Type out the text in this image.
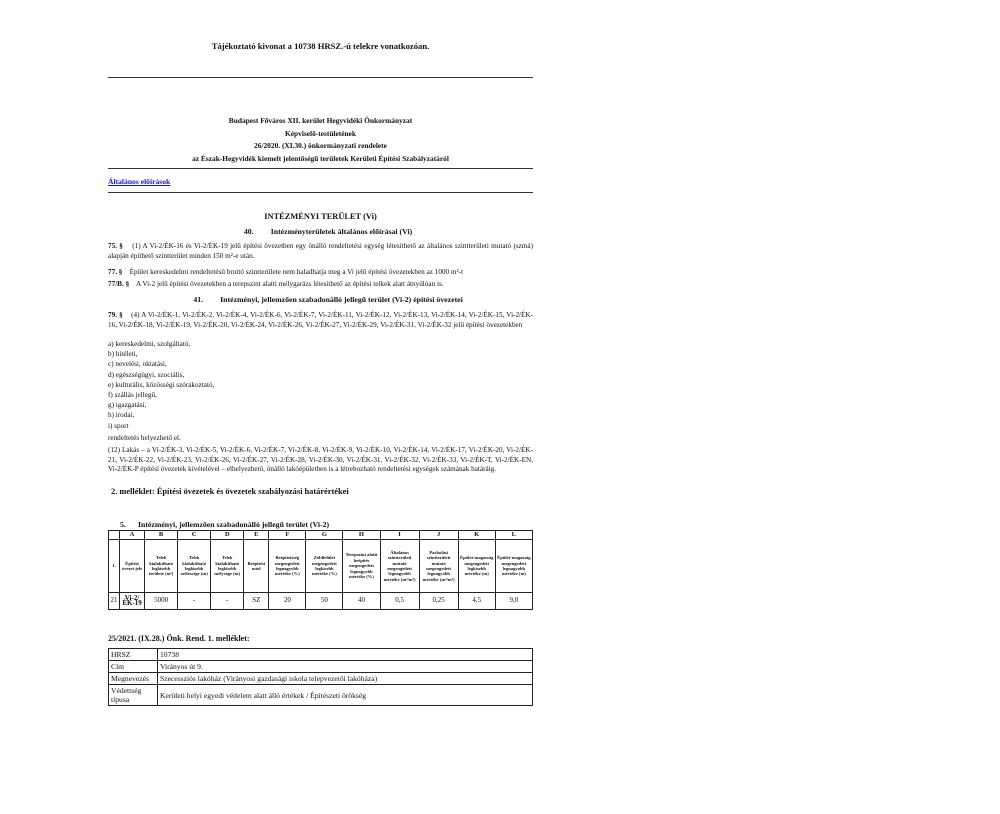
Tájékoztató kivonat a 10738 HRSZ.-ú telekre vonatkozóan.
Budapest Főváros XII. kerület Hegyvidéki Önkormányzat
Képviselő-testületének
26/2020. (XI.30.) önkormányzati rendelete
az Észak-Hegyvidék kiemelt jelentőségű területek Kerületi Építési Szabályzatáról
Általános előírások
INTÉZMÉNYI TERÜLET (Vi)
40. Intézményterületek általános előírásai (Vi)
75. § (1) A Vi-2/ÉK-16 és Vi-2/ÉK-19 jelű építési övezetben egy önálló rendeltetési egység létesíthető az általános szintterületi mutató (szmá) alapján építhető szintterület minden 150 m²-e után.
77. § Épület kereskedelmi rendeltetésű bruttó szintterülete nem haladhatja meg a Vi jelű építési övezetekben az 1000 m²-t
77/B. § A Vi-2 jelű építési övezetekben a terepszint alatti mélygarázs létesíthető az építési telkek alatt átnyúlóan is.
41. Intézményi, jellemzően szabadonálló jellegű terület (Vi-2) építési övezetei
79. § (4) A Vi-2/ÉK-1, Vi-2/ÉK-2, Vi-2/ÉK-4, Vi-2/ÉK-6, Vi-2/ÉK-7, Vi-2/ÉK-11, Vi-2/ÉK-12, Vi-2/ÉK-13, Vi-2/ÉK-14, Vi-2/ÉK-15, Vi-2/ÉK-16, Vi-2/ÉK-18, Vi-2/ÉK-19, Vi-2/ÉK-20, Vi-2/ÉK-24, Vi-2/ÉK-26, Vi-2/ÉK-27, Vi-2/ÉK-29, Vi-2/ÉK-31, Vi-2/ÉK-32 jelű építési övezetekben
a) kereskedelmi, szolgáltató,
b) hitéleti,
c) nevelési, oktatási,
d) egészségügyi, szociális,
e) kulturális, közösségi szórakoztató,
f) szállás jellegű,
g) igazgatási,
h) irodai,
i) sport
rendeltetés helyezhető el.
(12) Lakás – a Vi-2/ÉK-3, Vi-2/ÉK-5, Vi-2/ÉK-6, Vi-2/ÉK-7, Vi-2/ÉK-8, Vi-2/ÉK-9, Vi-2/ÉK-10, Vi-2/ÉK-14, Vi-2/ÉK-17, Vi-2/ÉK-20, Vi-2/ÉK-21, Vi-2/ÉK-22, Vi-2/ÉK-23, Vi-2/ÉK-26, Vi-2/ÉK-27, Vi-2/ÉK-28, Vi-2/ÉK-30, Vi-2/ÉK-31, Vi-2/ÉK-32, Vi-2/ÉK-33, Vi-2/ÉK-T, Vi-2/ÉK-EN, Vi-2/ÉK-P építési övezetek kivételével – elhelyezhető, önálló lakóépületben is a létrehozható rendeltetési egységek számának határáig.
2. melléklet: Építési övezetek és övezetek szabályozási határértékei
5. Intézményi, jellemzően szabadonálló jellegű terület (Vi-2)
	A	B	C	D	E	F	G	H	I	J	K	L
1.	Építési övezet jele	Telek kialakítható legkisebb területe (m²)	Telek kialakítható legkisebb szélessége (m)	Telek kialakítható legkisebb mélysége (m)	Beépítési mód	Beépítettség megengedett legnagyobb mértéke (%)	Zöldfelület megengedett legkisebb mértéke (%)	Terepszint alatti beépítés megengedett legnagyobb mértéke (%)	Általános szintterületi mutató megengedett legnagyobb mértéke (m²/m²)	Parkolási szintterületi mutató megengedett legnagyobb mértéke (m²/m²)	Épület-magasság megengedett legkisebb mértéke (m)	Épület-magasság megengedett legnagyobb mértéke (m)
21	Vi-2/ ÉK-19	5000	-	-	SZ	20	50	40	0,5	0,25	4,5	9,0
25/2021. (IX.28.) Önk. Rend. 1. melléklet:
HRSZ	10738
Cím	Virányos út 9.
Megnevezés	Szecessziós lakóház (Virányosi gazdasági iskola telepvezetői lakóháza)
Védettség típusa	Kerületi helyi egyedi védelem alatt álló értékek / Építészeti örökség
